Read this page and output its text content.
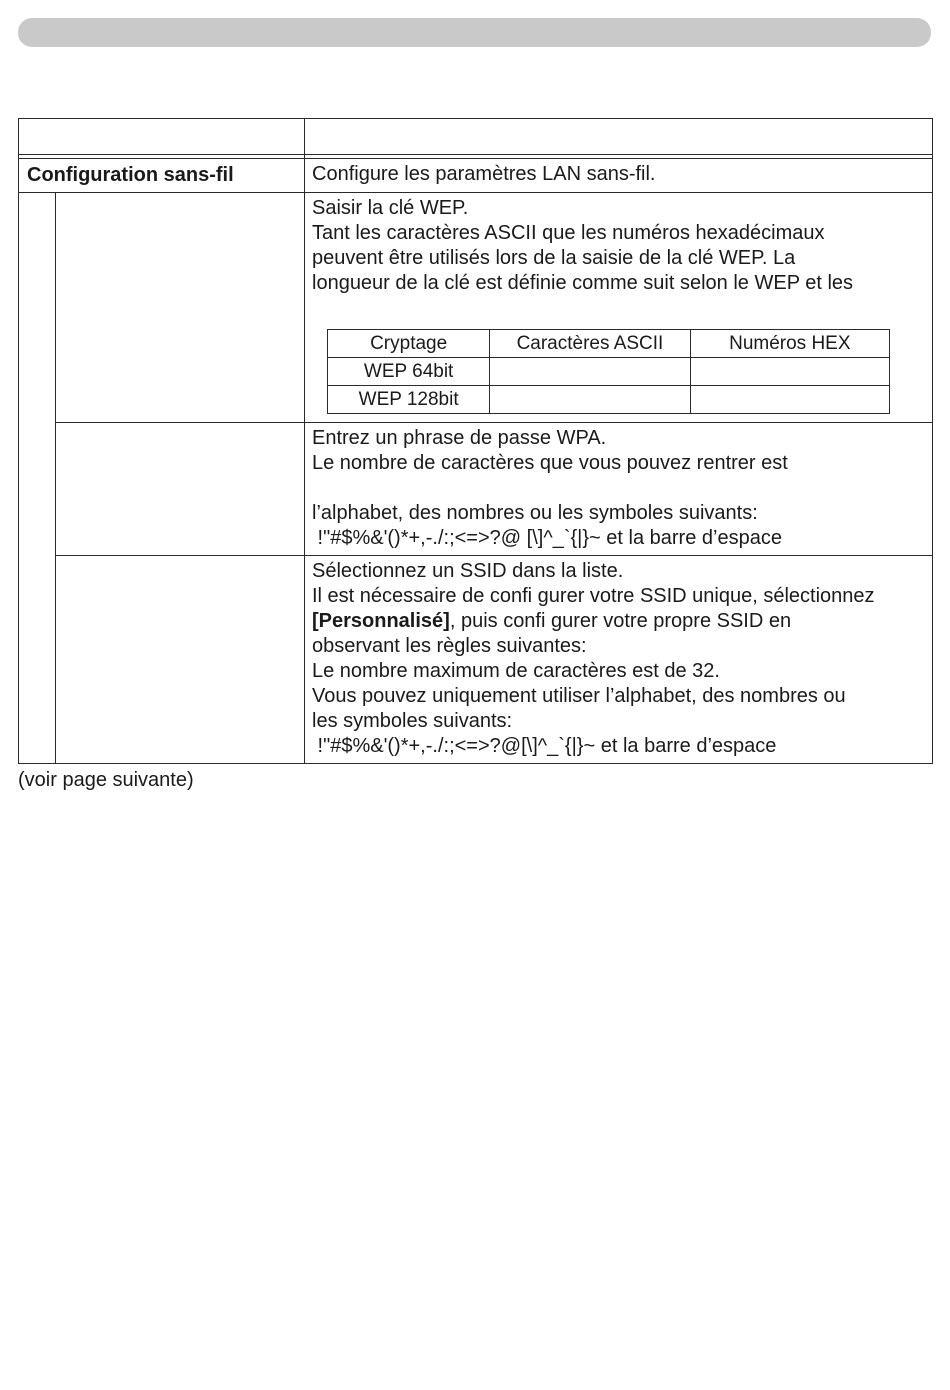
Configuration sans-fil	Configure les paramètres LAN sans-fil.

Saisir la clé WEP.
Tant les caractères ASCII que les numéros hexadécimaux
peuvent être utilisés lors de la saisie de la clé WEP. La
longueur de la clé est définie comme suit selon le WEP et les
Cryptage	Caractères ASCII	Numéros HEX
WEP 64bit		
WEP 128bit		

Entrez un phrase de passe WPA.
Le nombre de caractères que vous pouvez rentrer est
l’alphabet, des nombres ou les symboles suivants:
!"#$%&'()*+,-./:;<=>?@ [\]^_`{|}~ et la barre d’espace

Sélectionnez un SSID dans la liste.
Il est nécessaire de confi gurer votre SSID unique, sélectionnez
[Personnalisé], puis confi gurer votre propre SSID en
observant les règles suivantes:
Le nombre maximum de caractères est de 32.
Vous pouvez uniquement utiliser l’alphabet, des nombres ou
les symboles suivants:
!"#$%&'()*+,-./:;<=>?@[\]^_`{|}~ et la barre d’espace
(voir page suivante)
